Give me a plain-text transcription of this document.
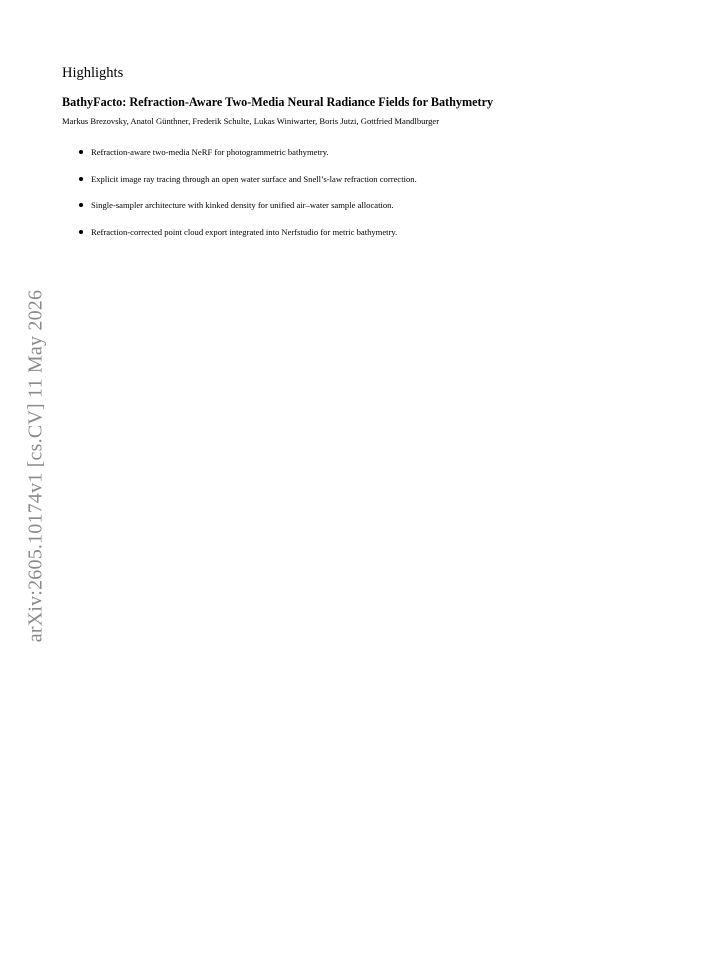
arXiv:2605.10174v1 [cs.CV] 11 May 2026
Highlights
BathyFacto: Refraction-Aware Two-Media Neural Radiance Fields for Bathymetry

Markus Brezovsky, Anatol Günthner, Frederik Schulte, Lukas Winiwarter, Boris Jutzi, Gottfried Mandlburger

Refraction-aware two-media NeRF for photogrammetric bathymetry.
Explicit image ray tracing through an open water surface and Snell’s-law refraction correction.
Single-sampler architecture with kinked density for unified air–water sample allocation.
Refraction-corrected point cloud export integrated into Nerfstudio for metric bathymetry.
